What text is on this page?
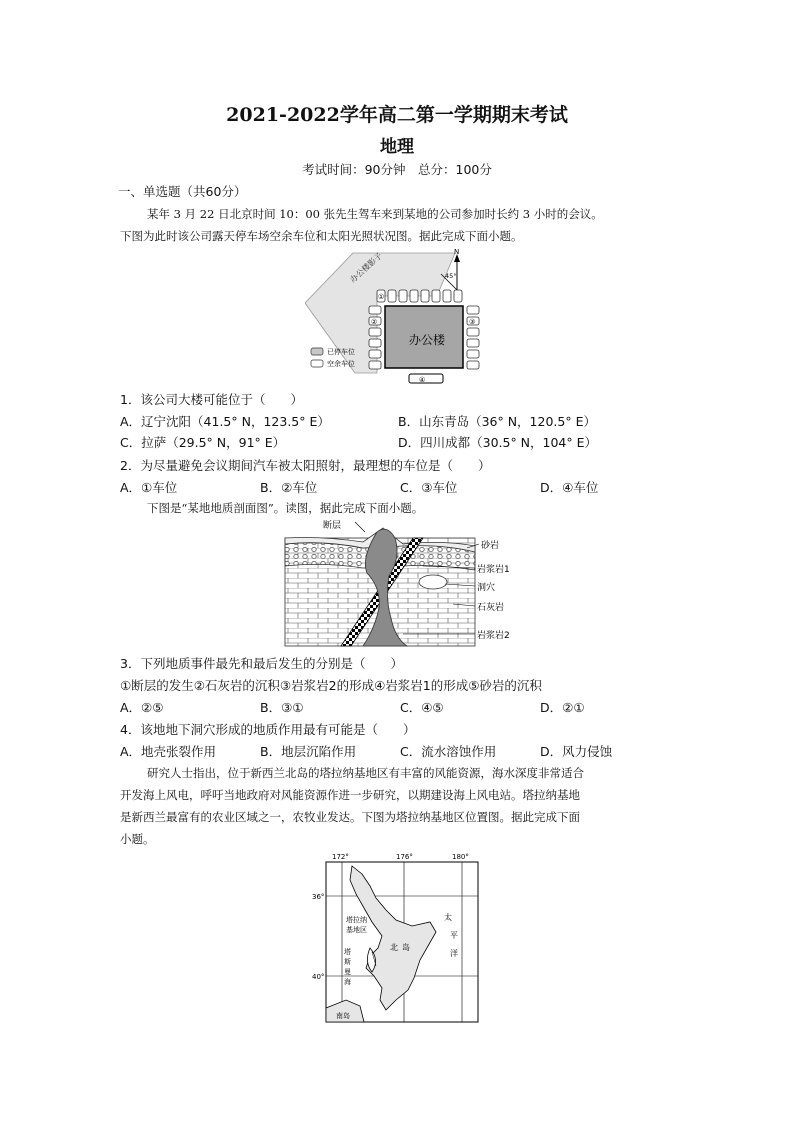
2021-2022学年高二第一学期期末考试
地理
考试时间：90分钟　总分：100分
一、单选题（共60分）
某年 3 月 22 日北京时间 10：00 张先生驾车来到某地的公司参加时长约 3 小时的会议。
下图为此时该公司露天停车场空余车位和太阳光照状况图。据此完成下面小题。
办公楼影子	N
45°
①
②	③
办公楼
④
已停车位
空余车位
1．该公司大楼可能位于（　　）
A．辽宁沈阳（41.5° N，123.5° E）	B．山东青岛（36° N，120.5° E）
C．拉萨（29.5° N，91° E）	D．四川成都（30.5° N，104° E）
2．为尽量避免会议期间汽车被太阳照射，最理想的车位是（　　）
A．①车位	B．②车位	C．③车位	D．④车位
下图是“某地地质剖面图”。读图，据此完成下面小题。
断层
砂岩
岩浆岩1
洞穴
石灰岩
岩浆岩2
3．下列地质事件最先和最后发生的分别是（　　）
①断层的发生②石灰岩的沉积③岩浆岩2的形成④岩浆岩1的形成⑤砂岩的沉积
A．②⑤	B．③①	C．④⑤	D．②①
4．该地地下洞穴形成的地质作用最有可能是（　　）
A．地壳张裂作用	B．地层沉陷作用	C．流水溶蚀作用	D．风力侵蚀
研究人士指出，位于新西兰北岛的塔拉纳基地区有丰富的风能资源，海水深度非常适合
开发海上风电，呼吁当地政府对风能资源作进一步研究，以期建设海上风电站。塔拉纳基地
是新西兰最富有的农业区域之一，农牧业发达。下图为塔拉纳基地区位置图。据此完成下面
小题。
172°	176°	180°
36°
40°
塔拉纳
基地区
北 岛
太
平
洋
塔
斯
曼
海
南岛
